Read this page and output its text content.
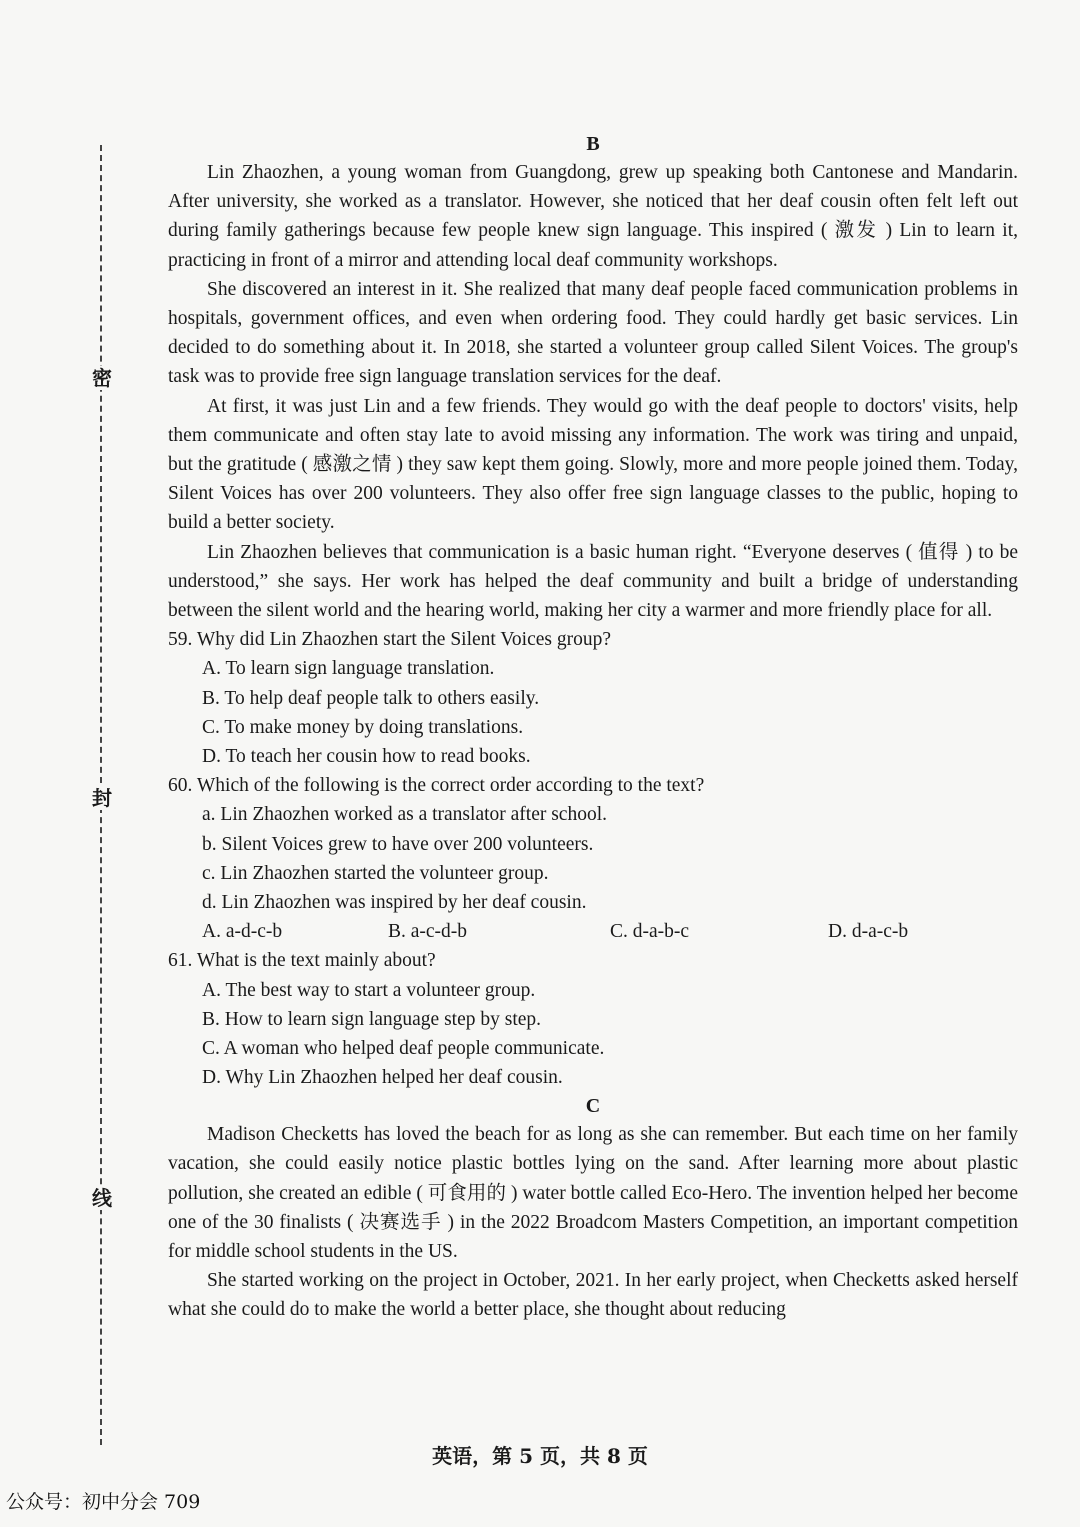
密
封
线
B

Lin Zhaozhen, a young woman from Guangdong, grew up speaking both Cantonese and Mandarin. After university, she worked as a translator. However, she noticed that her deaf cousin often felt left out during family gatherings because few people knew sign language. This inspired ( 激发 ) Lin to learn it, practicing in front of a mirror and attending local deaf community workshops.

She discovered an interest in it. She realized that many deaf people faced communication problems in hospitals, government offices, and even when ordering food. They could hardly get basic services. Lin decided to do something about it. In 2018, she started a volunteer group called Silent Voices. The group's task was to provide free sign language translation services for the deaf.

At first, it was just Lin and a few friends. They would go with the deaf people to doctors' visits, help them communicate and often stay late to avoid missing any information. The work was tiring and unpaid, but the gratitude ( 感激之情 ) they saw kept them going. Slowly, more and more people joined them. Today, Silent Voices has over 200 volunteers. They also offer free sign language classes to the public, hoping to build a better society.

Lin Zhaozhen believes that communication is a basic human right. “Everyone deserves ( 值得 ) to be understood,” she says. Her work has helped the deaf community and built a bridge of understanding between the silent world and the hearing world, making her city a warmer and more friendly place for all.

59. Why did Lin Zhaozhen start the Silent Voices group?
A. To learn sign language translation.
B. To help deaf people talk to others easily.
C. To make money by doing translations.
D. To teach her cousin how to read books.
60. Which of the following is the correct order according to the text?
a. Lin Zhaozhen worked as a translator after school.
b. Silent Voices grew to have over 200 volunteers.
c. Lin Zhaozhen started the volunteer group.
d. Lin Zhaozhen was inspired by her deaf cousin.
A. a-d-c-b	B. a-c-d-b	C. d-a-b-c	D. d-a-c-b
61. What is the text mainly about?
A. The best way to start a volunteer group.
B. How to learn sign language step by step.
C. A woman who helped deaf people communicate.
D. Why Lin Zhaozhen helped her deaf cousin.
C

Madison Checketts has loved the beach for as long as she can remember. But each time on her family vacation, she could easily notice plastic bottles lying on the sand. After learning more about plastic pollution, she created an edible ( 可食用的 ) water bottle called Eco-Hero. The invention helped her become one of the 30 finalists ( 决赛选手 ) in the 2022 Broadcom Masters Competition, an important competition for middle school students in the US.

She started working on the project in October, 2021. In her early project, when Checketts asked herself what she could do to make the world a better place, she thought about reducing

英语，第 5 页，共 8 页
公众号：初中分会 709
